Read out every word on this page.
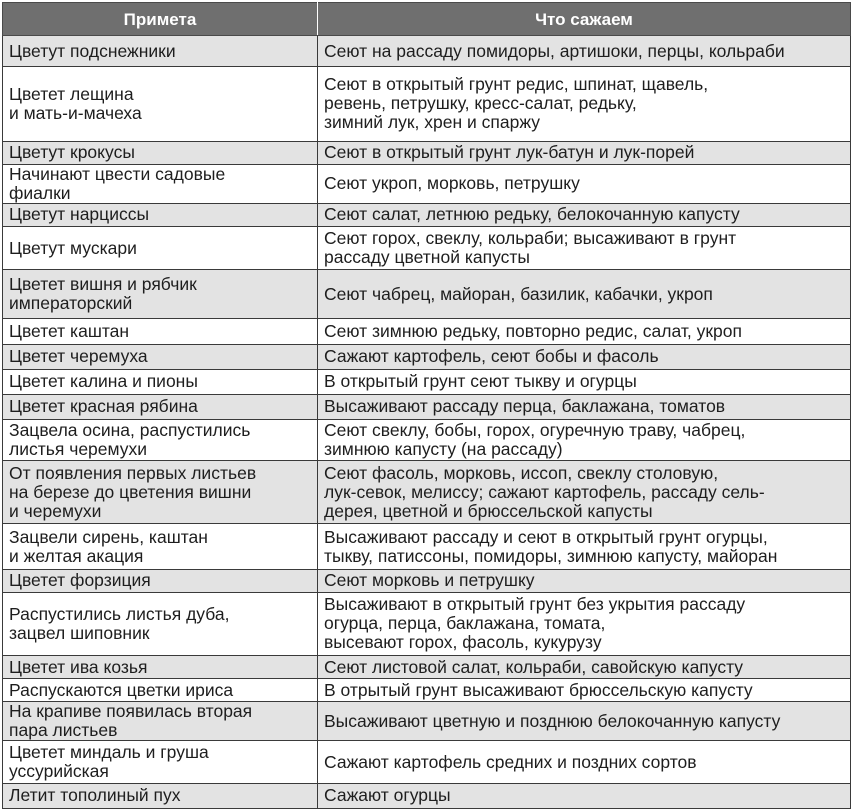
Примета	Что сажаем
Цветут подснежники	Сеют на рассаду помидоры, артишоки, перцы, кольраби
Цветет лещина
и мать-и-мачеха	Сеют в открытый грунт редис, шпинат, щавель,
ревень, петрушку, кресс-салат, редьку,
зимний лук, хрен и спаржу
Цветут крокусы	Сеют в открытый грунт лук-батун и лук-порей
Начинают цвести садовые
фиалки	Сеют укроп, морковь, петрушку
Цветут нарциссы	Сеют салат, летнюю редьку, белокочанную капусту
Цветут мускари	Сеют горох, свеклу, кольраби; высаживают в грунт
рассаду цветной капусты
Цветет вишня и рябчик
императорский	Сеют чабрец, майоран, базилик, кабачки, укроп
Цветет каштан	Сеют зимнюю редьку, повторно редис, салат, укроп
Цветет черемуха	Сажают картофель, сеют бобы и фасоль
Цветет калина и пионы	В открытый грунт сеют тыкву и огурцы
Цветет красная рябина	Высаживают рассаду перца, баклажана, томатов
Зацвела осина, распустились
листья черемухи	Сеют свеклу, бобы, горох, огуречную траву, чабрец,
зимнюю капусту (на рассаду)
От появления первых листьев
на березе до цветения вишни
и черемухи	Сеют фасоль, морковь, иссоп, свеклу столовую,
лук-севок, мелиссу; сажают картофель, рассаду сель-
дерея, цветной и брюссельской капусты
Зацвели сирень, каштан
и желтая акация	Высаживают рассаду и сеют в открытый грунт огурцы,
тыкву, патиссоны, помидоры, зимнюю капусту, майоран
Цветет форзиция	Сеют морковь и петрушку
Распустились листья дуба,
зацвел шиповник	Высаживают в открытый грунт без укрытия рассаду
огурца, перца, баклажана, томата,
высевают горох, фасоль, кукурузу
Цветет ива козья	Сеют листовой салат, кольраби, савойскую капусту
Распускаются цветки ириса	В отрытый грунт высаживают брюссельскую капусту
На крапиве появилась вторая
пара листьев	Высаживают цветную и позднюю белокочанную капусту
Цветет миндаль и груша
уссурийская	Сажают картофель средних и поздних сортов
Летит тополиный пух	Сажают огурцы
